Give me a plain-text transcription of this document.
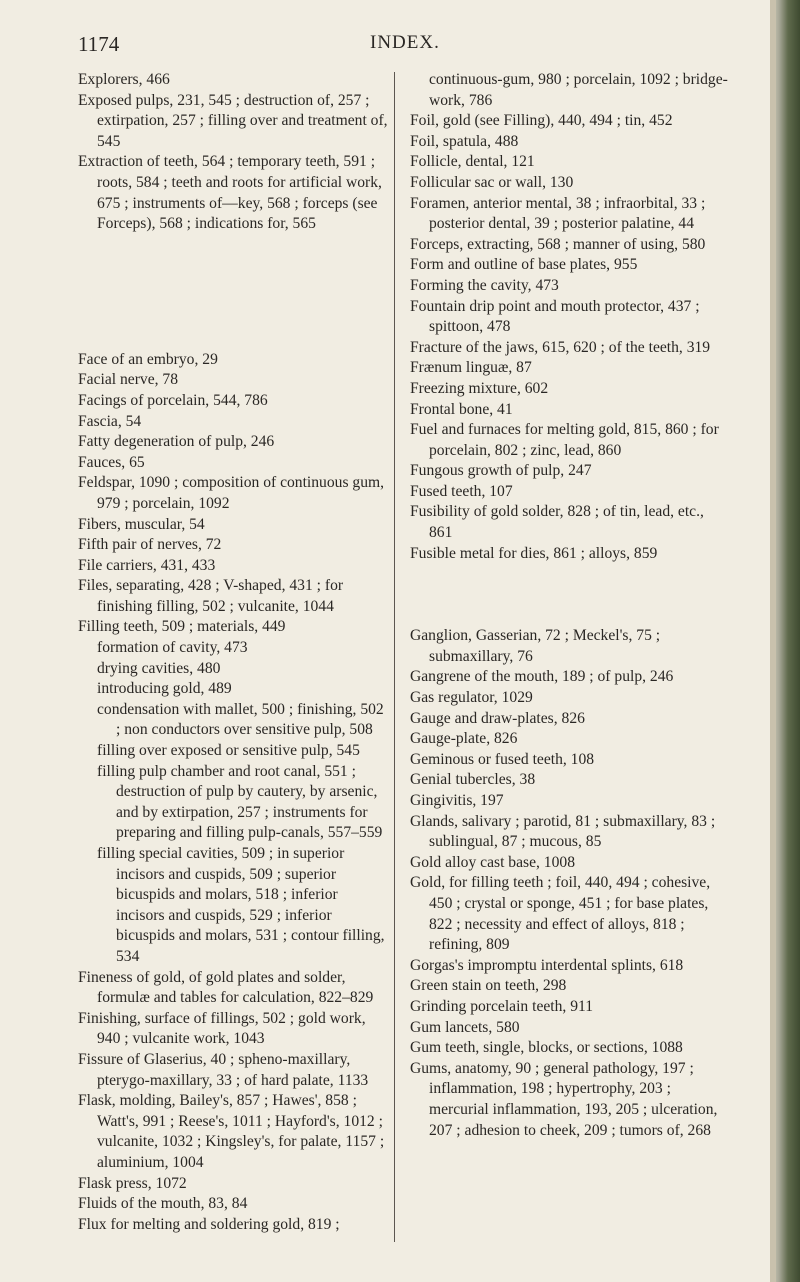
1174	INDEX.
Explorers, 466
Exposed pulps, 231, 545 ; destruction of, 257 ; extirpation, 257 ; filling over and treatment of, 545
Extraction of teeth, 564 ; temporary teeth, 591 ; roots, 584 ; teeth and roots for artificial work, 675 ; instruments of—key, 568 ; forceps (see Forceps), 568 ; indications for, 565
Face of an embryo, 29
Facial nerve, 78
Facings of porcelain, 544, 786
Fascia, 54
Fatty degeneration of pulp, 246
Fauces, 65
Feldspar, 1090 ; composition of continuous gum, 979 ; porcelain, 1092
Fibers, muscular, 54
Fifth pair of nerves, 72
File carriers, 431, 433
Files, separating, 428 ; V-shaped, 431 ; for finishing filling, 502 ; vulcanite, 1044
Filling teeth, 509 ; materials, 449
formation of cavity, 473
drying cavities, 480
introducing gold, 489
condensation with mallet, 500 ; finishing, 502 ; non conductors over sensitive pulp, 508
filling over exposed or sensitive pulp, 545
filling pulp chamber and root canal, 551 ; destruction of pulp by cautery, by arsenic, and by extirpation, 257 ; instruments for preparing and filling pulp-canals, 557–559
filling special cavities, 509 ; in superior incisors and cuspids, 509 ; superior bicuspids and molars, 518 ; inferior incisors and cuspids, 529 ; inferior bicuspids and molars, 531 ; contour filling, 534
Fineness of gold, of gold plates and solder, formulæ and tables for calculation, 822–829
Finishing, surface of fillings, 502 ; gold work, 940 ; vulcanite work, 1043
Fissure of Glaserius, 40 ; spheno-maxillary, pterygo-maxillary, 33 ; of hard palate, 1133
Flask, molding, Bailey's, 857 ; Hawes', 858 ; Watt's, 991 ; Reese's, 1011 ; Hayford's, 1012 ; vulcanite, 1032 ; Kingsley's, for palate, 1157 ; aluminium, 1004
Flask press, 1072
Fluids of the mouth, 83, 84
Flux for melting and soldering gold, 819 ;
continuous-gum, 980 ; porcelain, 1092 ; bridge-work, 786
Foil, gold (see Filling), 440, 494 ; tin, 452
Foil, spatula, 488
Follicle, dental, 121
Follicular sac or wall, 130
Foramen, anterior mental, 38 ; infraorbital, 33 ; posterior dental, 39 ; posterior palatine, 44
Forceps, extracting, 568 ; manner of using, 580
Form and outline of base plates, 955
Forming the cavity, 473
Fountain drip point and mouth protector, 437 ; spittoon, 478
Fracture of the jaws, 615, 620 ; of the teeth, 319
Frænum linguæ, 87
Freezing mixture, 602
Frontal bone, 41
Fuel and furnaces for melting gold, 815, 860 ; for porcelain, 802 ; zinc, lead, 860
Fungous growth of pulp, 247
Fused teeth, 107
Fusibility of gold solder, 828 ; of tin, lead, etc., 861
Fusible metal for dies, 861 ; alloys, 859
Ganglion, Gasserian, 72 ; Meckel's, 75 ; submaxillary, 76
Gangrene of the mouth, 189 ; of pulp, 246
Gas regulator, 1029
Gauge and draw-plates, 826
Gauge-plate, 826
Geminous or fused teeth, 108
Genial tubercles, 38
Gingivitis, 197
Glands, salivary ; parotid, 81 ; submaxillary, 83 ; sublingual, 87 ; mucous, 85
Gold alloy cast base, 1008
Gold, for filling teeth ; foil, 440, 494 ; cohesive, 450 ; crystal or sponge, 451 ; for base plates, 822 ; necessity and effect of alloys, 818 ; refining, 809
Gorgas's impromptu interdental splints, 618
Green stain on teeth, 298
Grinding porcelain teeth, 911
Gum lancets, 580
Gum teeth, single, blocks, or sections, 1088
Gums, anatomy, 90 ; general pathology, 197 ; inflammation, 198 ; hypertrophy, 203 ; mercurial inflammation, 193, 205 ; ulceration, 207 ; adhesion to cheek, 209 ; tumors of, 268
